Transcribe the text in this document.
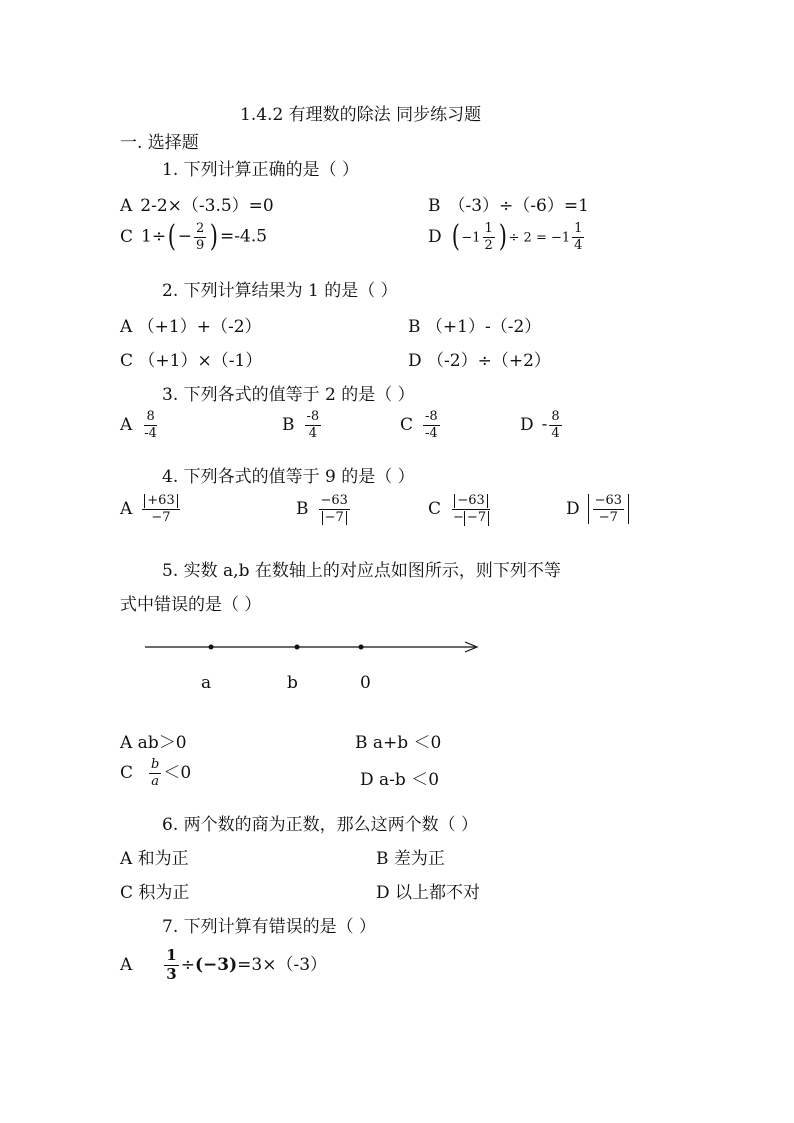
1.4.2 有理数的除法 同步练习题
一. 选择题
1. 下列计算正确的是（ ）
A 2-2×（-3.5）=0	B （-3）÷（-6）=1
C $1\div( - \frac{2}{9}$ ) =-4.5	D ( $-1 \frac{1}{2}$ ) ÷ $2 = -1 \frac{1}{4}$
2. 下列计算结果为 1 的是（ ）
A （+1）+（-2）	B （+1）-（-2）
C （+1）×（-1）	D （-2）÷（+2）
3. 下列各式的值等于 2 的是（ ）
A $\frac{8}{-4}$	B $\frac{-8}{4}$	C $\frac{-8}{-4}$	D - $\frac{8}{4}$
4. 下列各式的值等于 9 的是（ ）
A $\frac{+63}{-7}$	B $\frac{-63}{-7}$	C $\frac{-63}{- -7}$	D $\frac{-63}{-7}$
5. 实数 a,b 在数轴上的对应点如图所示，则下列不等
式中错误的是（ ）
a	b	0
A ab＞0	B a+b ＜0
C $\frac{b}{a} <0$	D a-b ＜0
6. 两个数的商为正数，那么这两个数（ ）
A 和为正	B 差为正
C 积为正	D 以上都不对
7. 下列计算有错误的是（ ）
A $\frac{1}{3} \div(-3)=3\times(-3)$
